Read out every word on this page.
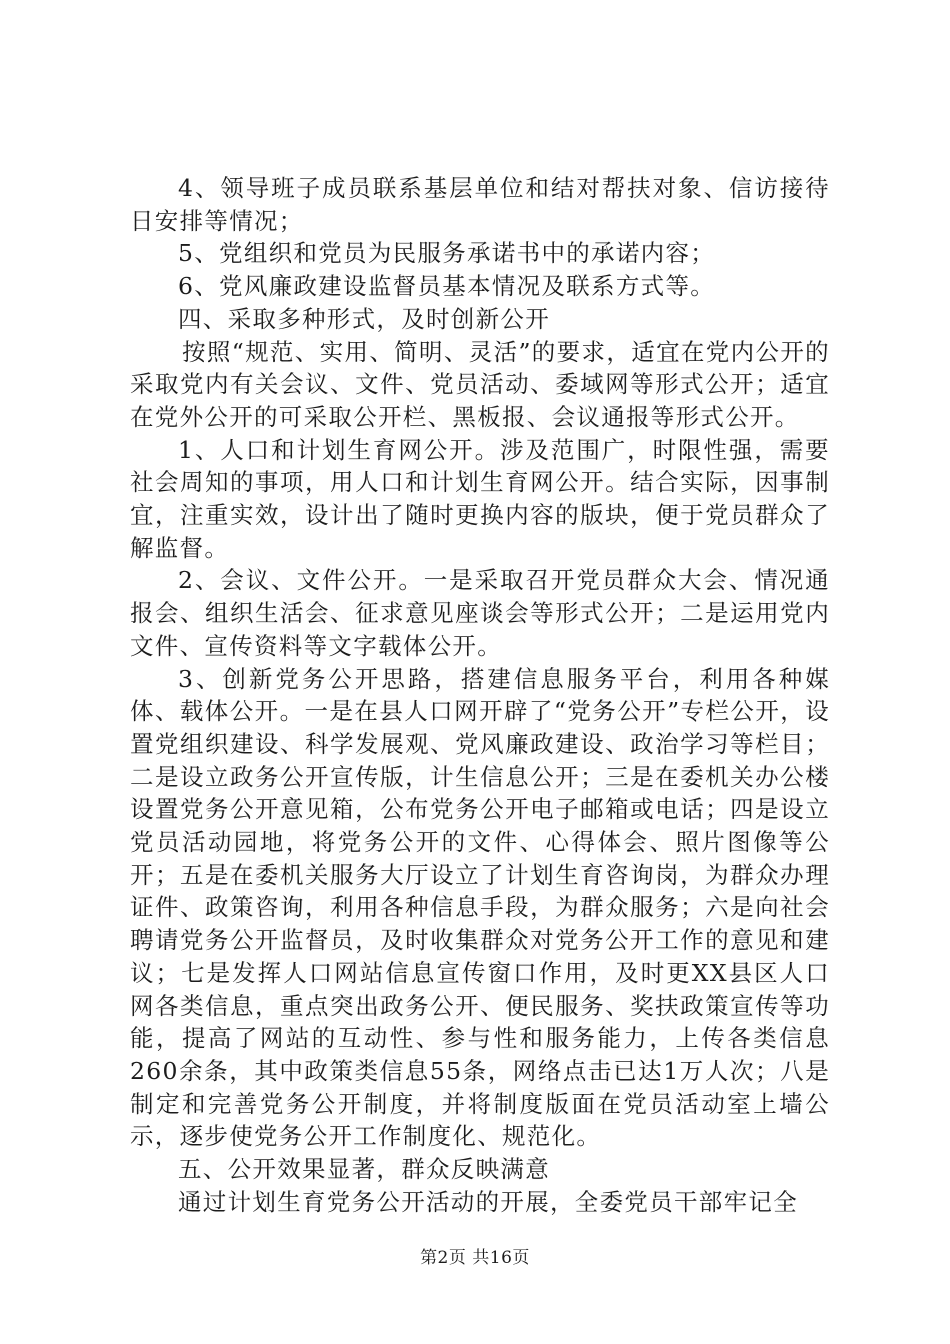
4、领导班子成员联系基层单位和结对帮扶对象、信访接待日安排等情况；

5、党组织和党员为民服务承诺书中的承诺内容；

6、党风廉政建设监督员基本情况及联系方式等。

四、采取多种形式，及时创新公开

按照“规范、实用、简明、灵活”的要求，适宜在党内公开的采取党内有关会议、文件、党员活动、委域网等形式公开；适宜在党外公开的可采取公开栏、黑板报、会议通报等形式公开。

1、人口和计划生育网公开。涉及范围广，时限性强，需要社会周知的事项，用人口和计划生育网公开。结合实际，因事制宜，注重实效，设计出了随时更换内容的版块，便于党员群众了解监督。

2、会议、文件公开。一是采取召开党员群众大会、情况通报会、组织生活会、征求意见座谈会等形式公开；二是运用党内文件、宣传资料等文字载体公开。

3、创新党务公开思路，搭建信息服务平台，利用各种媒体、载体公开。一是在县人口网开辟了“党务公开”专栏公开，设置党组织建设、科学发展观、党风廉政建设、政治学习等栏目；二是设立政务公开宣传版，计生信息公开；三是在委机关办公楼设置党务公开意见箱，公布党务公开电子邮箱或电话；四是设立党员活动园地，将党务公开的文件、心得体会、照片图像等公开；五是在委机关服务大厅设立了计划生育咨询岗，为群众办理证件、政策咨询，利用各种信息手段，为群众服务；六是向社会聘请党务公开监督员，及时收集群众对党务公开工作的意见和建议；七是发挥人口网站信息宣传窗口作用，及时更XX县区人口网各类信息，重点突出政务公开、便民服务、奖扶政策宣传等功能，提高了网站的互动性、参与性和服务能力，上传各类信息260余条，其中政策类信息55条，网络点击已达1万人次；八是制定和完善党务公开制度，并将制度版面在党员活动室上墙公示，逐步使党务公开工作制度化、规范化。

五、公开效果显著，群众反映满意

通过计划生育党务公开活动的开展，全委党员干部牢记全

第2页 共16页
